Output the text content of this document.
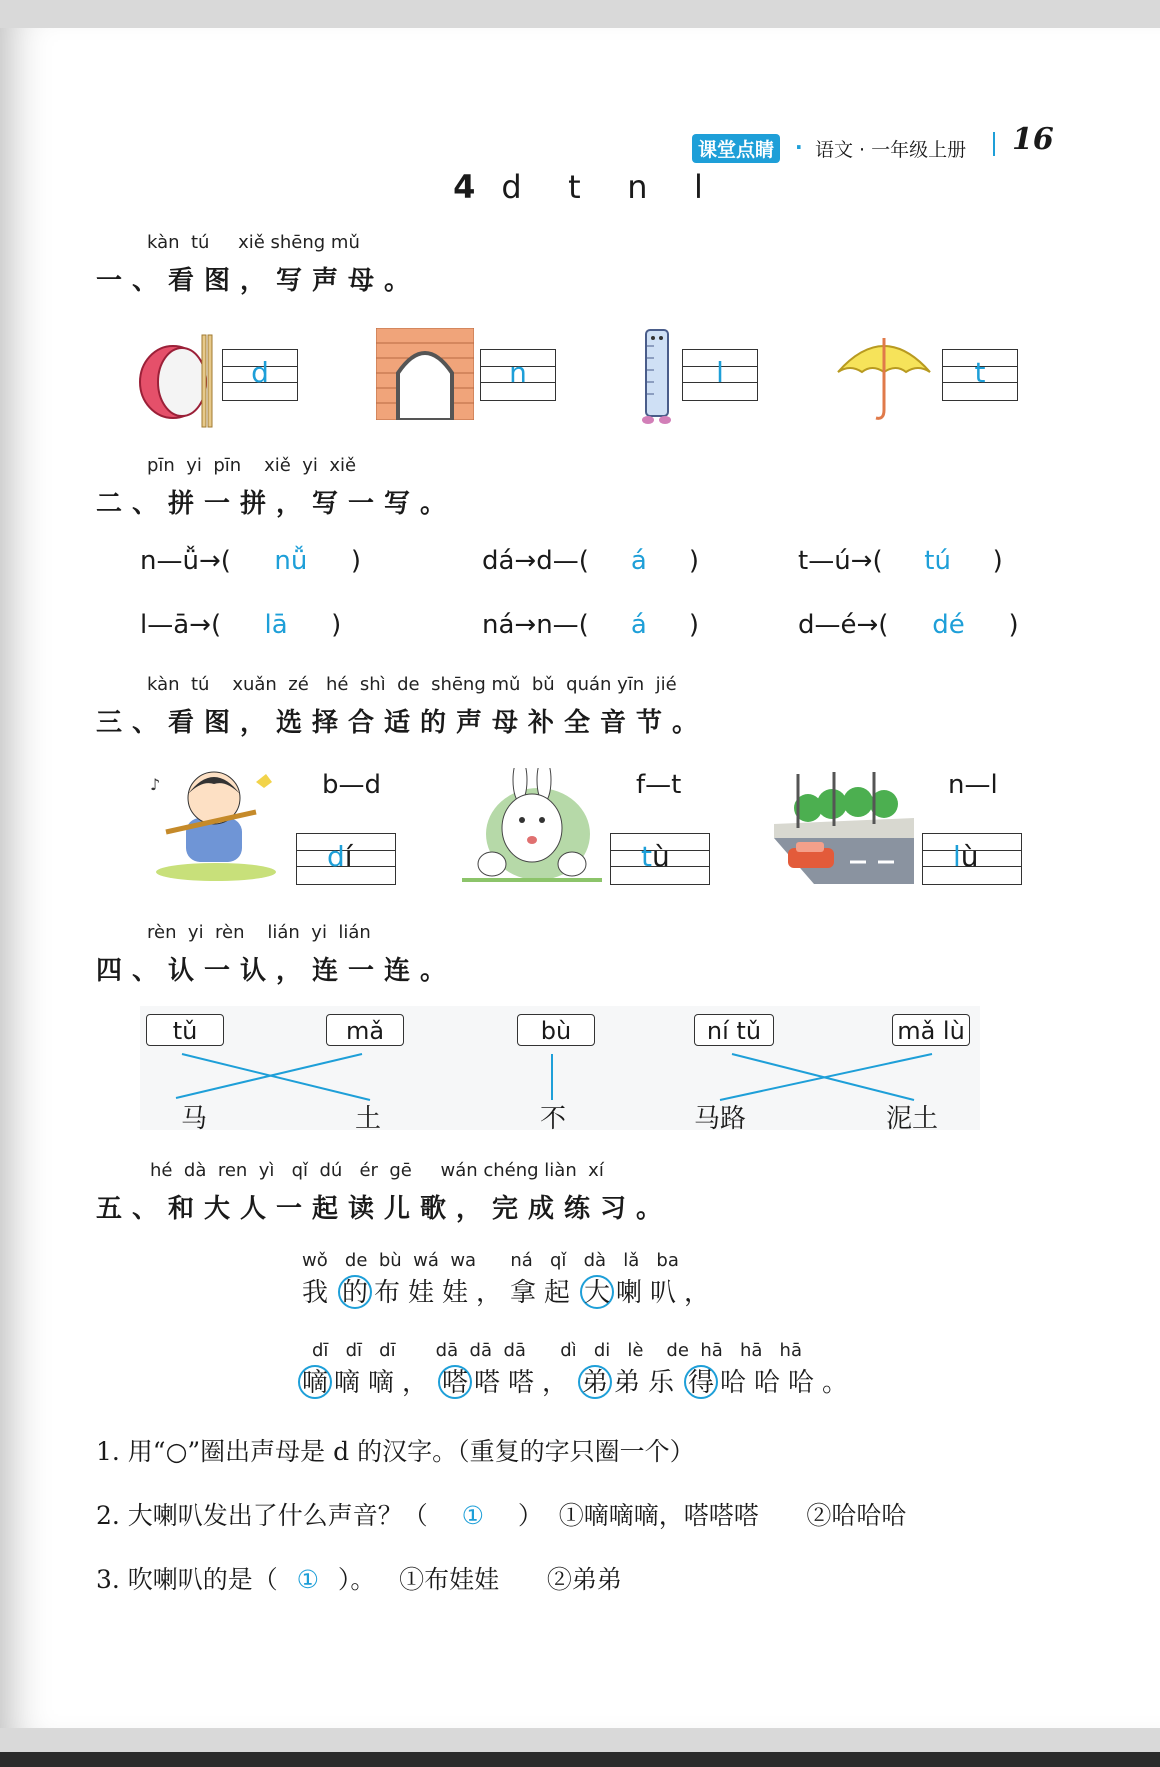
课堂点睛	· 语文 · 一年级上册 16
4 d   t   n   l
kàn  tú     xiě shēng mǔ
一、看图，写声母。
d	n	l	t
pīn  yi  pīn    xiě  yi  xiě
二、拼一拼，写一写。
n—ǚ→( nǚ )	dá→d—( á )	t—ú→( tú )
l—ā→( lā )	ná→n—( á )	d—é→( dé )
kàn  tú    xuǎn  zé   hé  shì  de  shēng mǔ  bǔ  quán yīn  jié
三、看图，选择合适的声母补全音节。
♪	b—d
dí
f—t
tù
n—l
lù
rèn  yi  rèn    lián  yi  lián
四、认一认，连一连。
tǔ	mǎ	bù	ní tǔ	mǎ lù
马	土	不	马路	泥土
hé  dà  ren  yì   qǐ  dú   ér  gē     wán chéng liàn  xí
五、和大人一起读儿歌，完成练习。
wǒ   de  bù  wá  wa      ná   qǐ   dà   lǎ   ba
我 的 布娃娃，拿起 大 喇叭，
dī   dī   dī       dā  dā  dā      dì   di   lè    de  hā   hā   hā
嘀 嘀嘀， 嗒 嗒嗒， 弟 弟乐 得 哈哈哈。
1. 用“○”圈出声母是 d 的汉字。（重复的字只圈一个）
2. 大喇叭发出了什么声音？（ ① ）  ①嘀嘀嘀，嗒嗒嗒      ②哈哈哈
3. 吹喇叭的是（ ① ）。   ①布娃娃      ②弟弟
